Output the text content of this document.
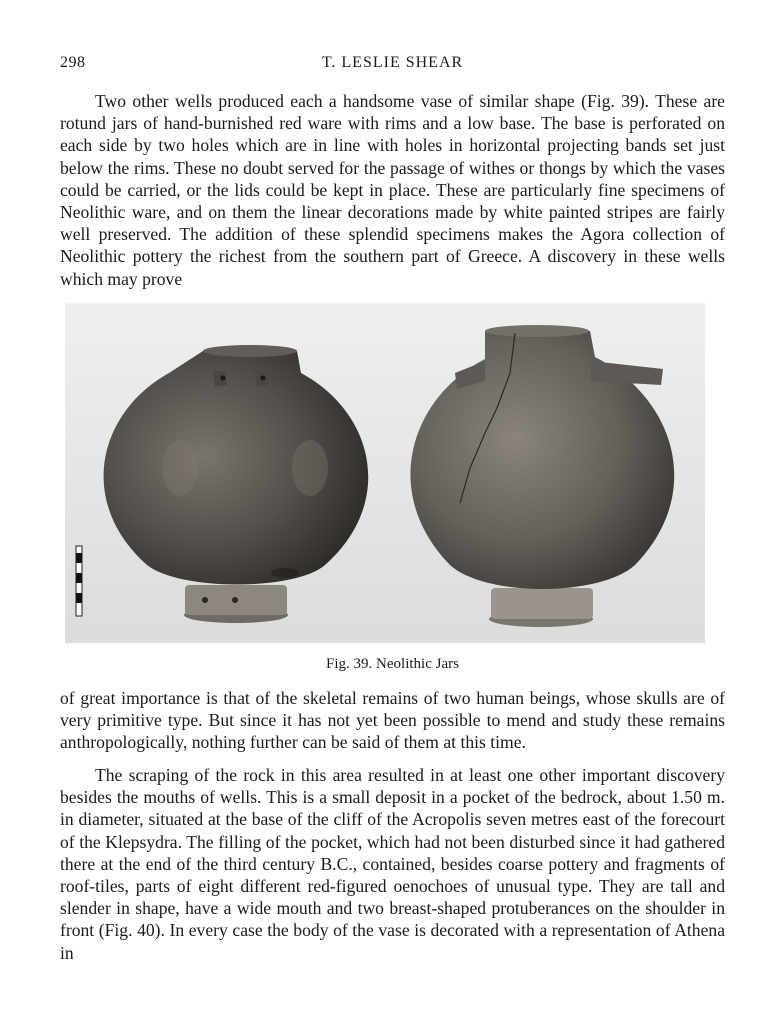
298	T. LESLIE SHEAR

Two other wells produced each a handsome vase of similar shape (Fig. 39). These are rotund jars of hand-burnished red ware with rims and a low base. The base is perforated on each side by two holes which are in line with holes in horizontal projecting bands set just below the rims. These no doubt served for the passage of withes or thongs by which the vases could be carried, or the lids could be kept in place. These are particularly fine specimens of Neolithic ware, and on them the linear decorations made by white painted stripes are fairly well preserved. The addition of these splendid specimens makes the Agora collection of Neolithic pottery the richest from the southern part of Greece. A discovery in these wells which may prove

Fig. 39. Neolithic Jars

of great importance is that of the skeletal remains of two human beings, whose skulls are of very primitive type. But since it has not yet been possible to mend and study these remains anthropologically, nothing further can be said of them at this time.

The scraping of the rock in this area resulted in at least one other important discovery besides the mouths of wells. This is a small deposit in a pocket of the bedrock, about 1.50 m. in diameter, situated at the base of the cliff of the Acropolis seven metres east of the forecourt of the Klepsydra. The filling of the pocket, which had not been disturbed since it had gathered there at the end of the third century B.C., contained, besides coarse pottery and fragments of roof-tiles, parts of eight different red-figured oenochoes of unusual type. They are tall and slender in shape, have a wide mouth and two breast-shaped protuberances on the shoulder in front (Fig. 40). In every case the body of the vase is decorated with a representation of Athena in
